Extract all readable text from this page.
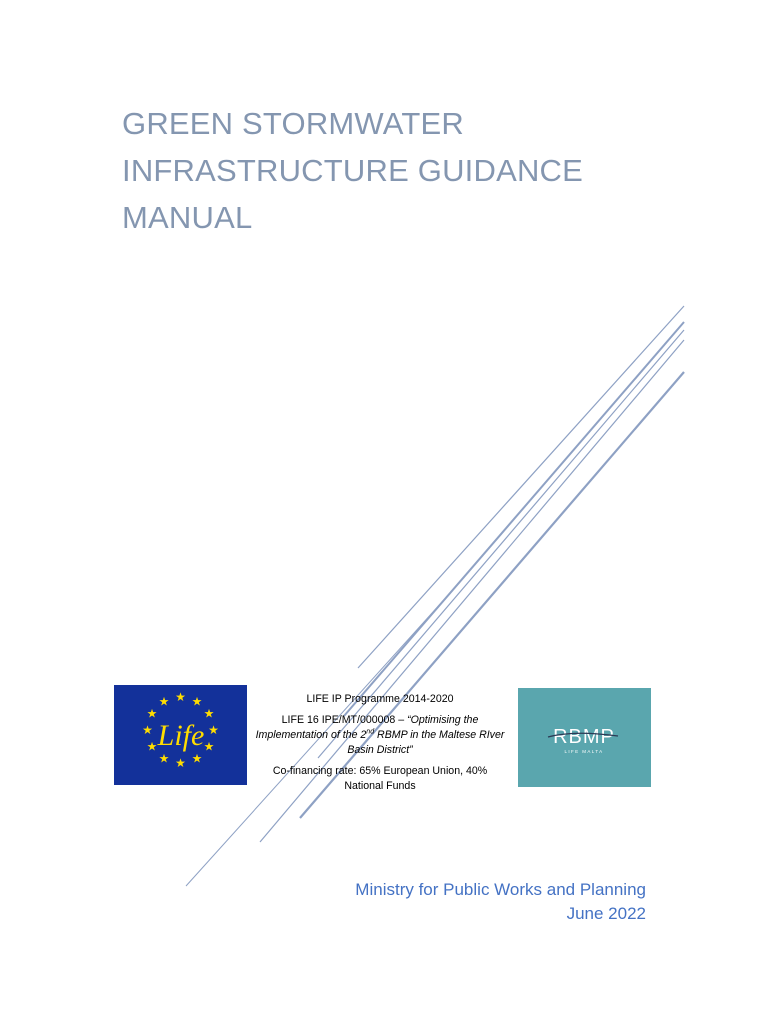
GREEN STORMWATER
INFRASTRUCTURE GUIDANCE
MANUAL
★ ★
★
★
★
★
★
★
★
★
★
★
Life

LIFE IP Programme 2014-2020

LIFE 16 IPE/MT/000008 – “Optimising the Implementation of the 2nd RBMP in the Maltese RIver Basin District”

Co-financing rate: 65% European Union, 40% National Funds

RBMP
LIFE MALTA
Ministry for Public Works and Planning
June 2022
